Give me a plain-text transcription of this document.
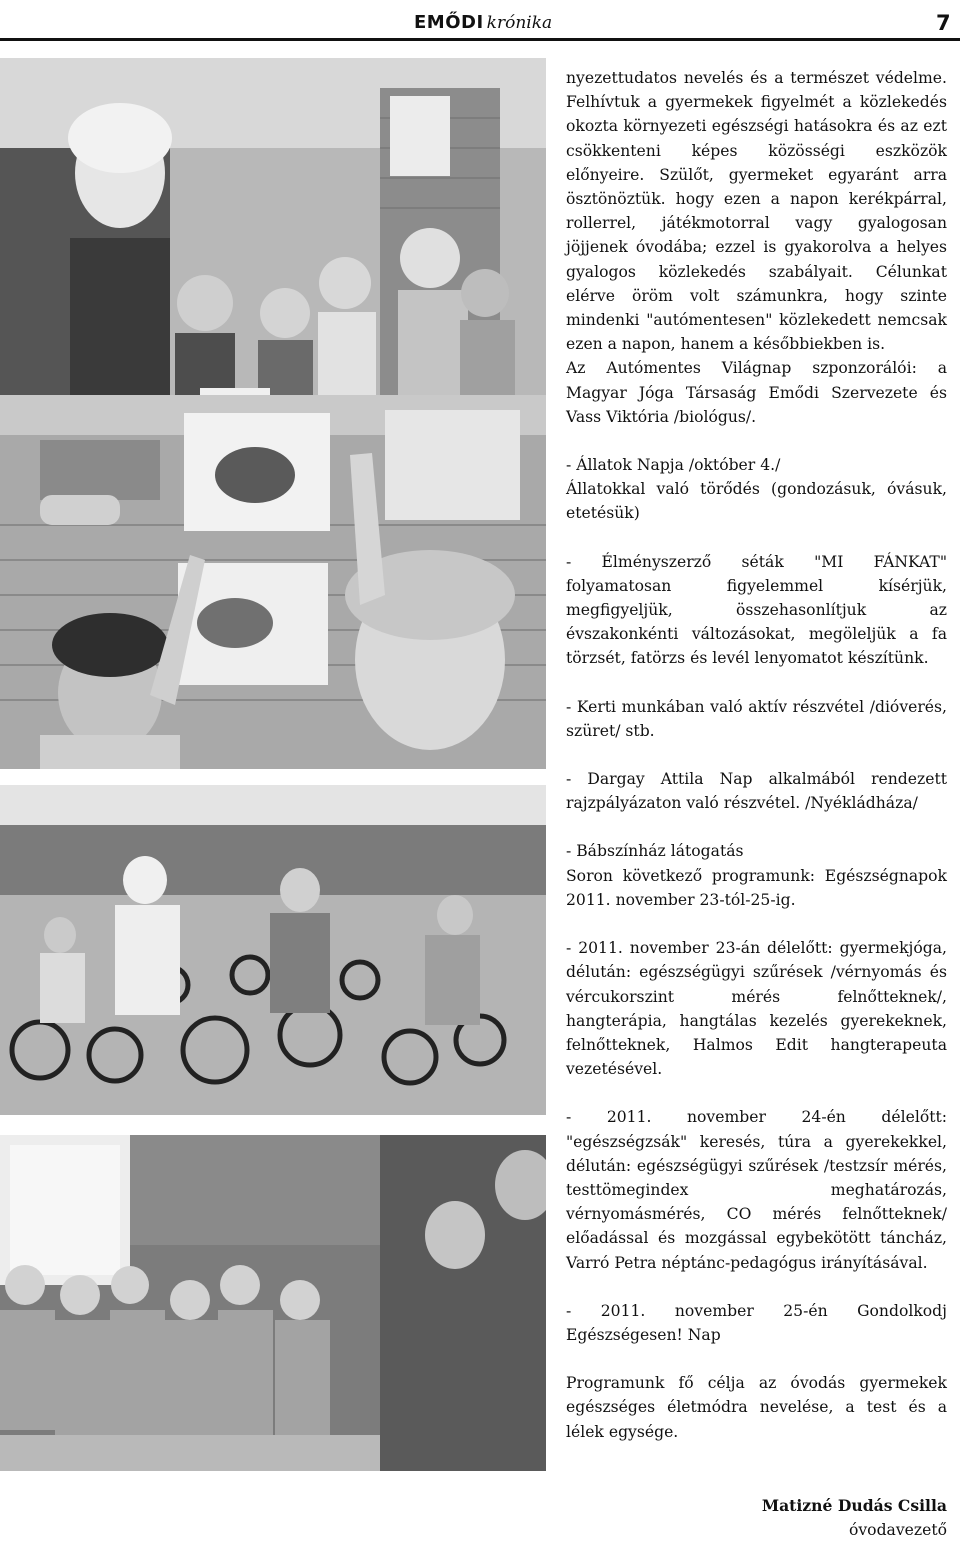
EMŐDI krónika	7

nyezettudatos nevelés és a természet védelme. Felhívtuk a gyermekek figyelmét a közlekedés okozta környezeti egészségi hatásokra és az ezt csökkenteni képes közösségi eszközök előnyeire. Szülőt, gyermeket egyaránt arra ösztönöztük. hogy ezen a napon kerékpárral, rollerrel, játékmotorral vagy gyalogosan jöjjenek óvodába; ezzel is gyakorolva a helyes gyalogos közlekedés szabályait. Célunkat elérve öröm volt számunkra, hogy szinte mindenki "autómentesen" közlekedett nemcsak ezen a napon, hanem a későbbiekben is.

Az Autómentes Világnap szponzorálói: a Magyar Jóga Társaság Emődi Szervezete és Vass Viktória /biológus/.

- Állatok Napja /október 4./

Állatokkal való törődés (gondozásuk, óvásuk, etetésük)

- Élményszerző séták "MI FÁNKAT" folyamatosan figyelemmel kísérjük, megfigyeljük, összehasonlítjuk az évszakonkénti változásokat, megöleljük a fa törzsét, fatörzs és levél lenyomatot készítünk.

- Kerti munkában való aktív részvétel /dióverés, szüret/ stb.

- Dargay Attila Nap alkalmából rendezett rajzpályázaton való részvétel. /Nyékládháza/

- Bábszínház látogatás

Soron következő programunk: Egészségnapok 2011. november 23-tól-25-ig.

- 2011. november 23-án délelőtt: gyermekjóga, délután: egészségügyi szűrések /vérnyomás és vércukorszint mérés felnőtteknek/, hangterápia, hangtálas kezelés gyerekeknek, felnőtteknek, Halmos Edit hangterapeuta vezetésével.

- 2011. november 24-én délelőtt: "egészségzsák" keresés, túra a gyerekekkel, délután: egészségügyi szűrések /testzsír mérés, testtömegindex meghatározás, vérnyomásmérés, CO mérés felnőtteknek/ előadással és mozgással egybekötött táncház, Varró Petra néptánc-pedagógus irányításával.

- 2011. november 25-én Gondolkodj Egészségesen! Nap

Programunk fő célja az óvodás gyermekek egészséges életmódra nevelése, a test és a lélek egysége.

Matizné Dudás Csilla
óvodavezető
